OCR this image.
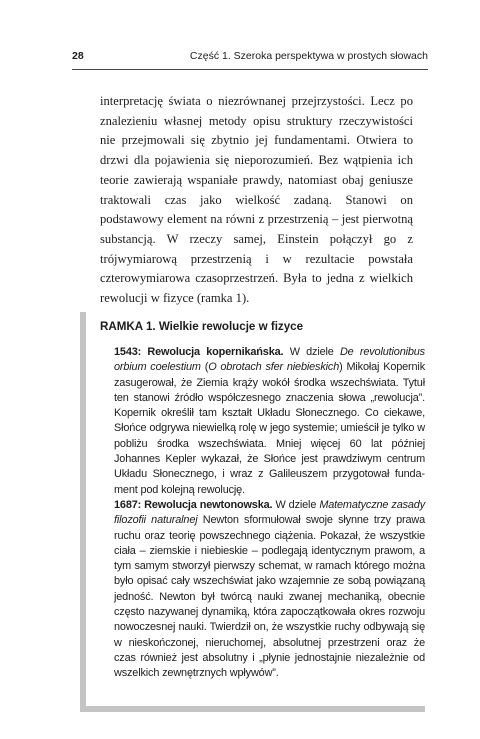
28	Część 1. Szeroka perspektywa w prostych słowach

interpretację świata o niezrównanej przejrzystości. Lecz po znalezieniu własnej metody opisu struktury rzeczywistości nie przejmowali się zbytnio jej fundamentami. Otwiera to drzwi dla pojawienia się nieporozumień. Bez wątpienia ich teorie zawierają wspaniałe prawdy, natomiast obaj geniusze traktowali czas jako wielkość zadaną. Stanowi on podstawowy element na równi z przestrzenią – jest pierwotną substancją. W rzeczy samej, Einstein połączył go z trójwymiarową przestrzenią i w rezultacie powstała czterowymiarowa czasoprzestrzeń. Była to jedna z wielkich rewolucji w fizyce (ramka 1).

RAMKA 1. Wielkie rewolucje w fizyce

1543: Rewolucja kopernikańska. W dziele De revolutionibus orbium coelestium (O obrotach sfer niebieskich) Mikołaj Kopernik zasugerował, że Ziemia krąży wokół środka wszechświata. Tytuł ten stanowi źródło współczesnego znaczenia słowa „rewolucja”. Kopernik określił tam kształt Układu Słonecznego. Co ciekawe, Słońce odgrywa niewielką rolę w jego systemie; umieścił je tylko w pobliżu środka wszechświata. Mniej więcej 60 lat później Johannes Kepler wykazał, że Słońce jest prawdziwym centrum Układu Słonecznego, i wraz z Galileuszem przygotował fundament pod kolejną rewolucję.

1687: Rewolucja newtonowska. W dziele Matematyczne zasady filozofii naturalnej Newton sformułował swoje słynne trzy prawa ruchu oraz teorię powszechnego ciążenia. Pokazał, że wszystkie ciała – ziemskie i niebieskie – podlegają identycznym prawom, a tym samym stworzył pierwszy schemat, w ramach którego można było opisać cały wszechświat jako wzajemnie ze sobą powiązaną jedność. Newton był twórcą nauki zwanej mechaniką, obecnie często nazywanej dynamiką, która zapoczątkowała okres rozwoju nowoczesnej nauki. Twierdził on, że wszystkie ruchy odbywają się w nieskończonej, nieruchomej, absolutnej przestrzeni oraz że czas również jest absolutny i „płynie jednostajnie niezależnie od wszelkich zewnętrznych wpływów”.
